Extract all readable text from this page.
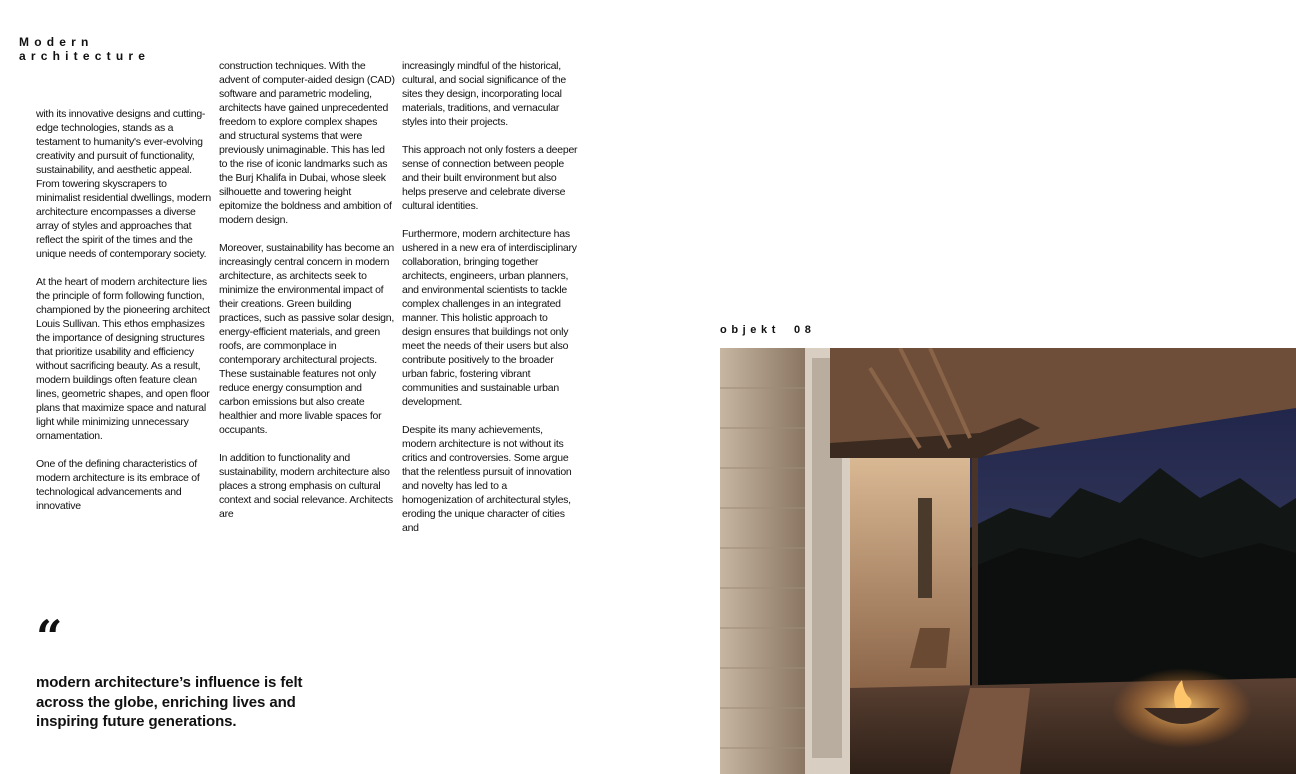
Modern
architecture

with its innovative designs and cutting-edge technologies, stands as a testament to humanity's ever-evolving creativity and pursuit of functionality, sustainability, and aesthetic appeal. From towering skyscrapers to minimalist residential dwellings, modern architecture encompasses a diverse array of styles and approaches that reflect the spirit of the times and the unique needs of contemporary society.

At the heart of modern architecture lies the principle of form following function, championed by the pioneering architect Louis Sullivan. This ethos emphasizes the importance of designing structures that prioritize usability and efficiency without sacrificing beauty. As a result, modern buildings often feature clean lines, geometric shapes, and open floor plans that maximize space and natural light while minimizing unnecessary ornamentation.

One of the defining characteristics of modern architecture is its embrace of technological advancements and innovative

construction techniques. With the advent of computer-aided design (CAD) software and parametric modeling, architects have gained unprecedented freedom to explore complex shapes and structural systems that were previously unimaginable. This has led to the rise of iconic landmarks such as the Burj Khalifa in Dubai, whose sleek silhouette and towering height epitomize the boldness and ambition of modern design.

Moreover, sustainability has become an increasingly central concern in modern architecture, as architects seek to minimize the environmental impact of their creations. Green building practices, such as passive solar design, energy-efficient materials, and green roofs, are commonplace in contemporary architectural projects. These sustainable features not only reduce energy consumption and carbon emissions but also create healthier and more livable spaces for occupants.

In addition to functionality and sustainability, modern architecture also places a strong emphasis on cultural context and social relevance. Architects are

increasingly mindful of the historical, cultural, and social significance of the sites they design, incorporating local materials, traditions, and vernacular styles into their projects.

This approach not only fosters a deeper sense of connection between people and their built environment but also helps preserve and celebrate diverse cultural identities.

Furthermore, modern architecture has ushered in a new era of interdisciplinary collaboration, bringing together architects, engineers, urban planners, and environmental scientists to tackle complex challenges in an integrated manner. This holistic approach to design ensures that buildings not only meet the needs of their users but also contribute positively to the broader urban fabric, fostering vibrant communities and sustainable urban development.

Despite its many achievements, modern architecture is not without its critics and controversies. Some argue that the relentless pursuit of innovation and novelty has led to a homogenization of architectural styles, eroding the unique character of cities and

“

modern architecture’s influence is felt across the globe, enriching lives and inspiring future generations.

objekt 08
